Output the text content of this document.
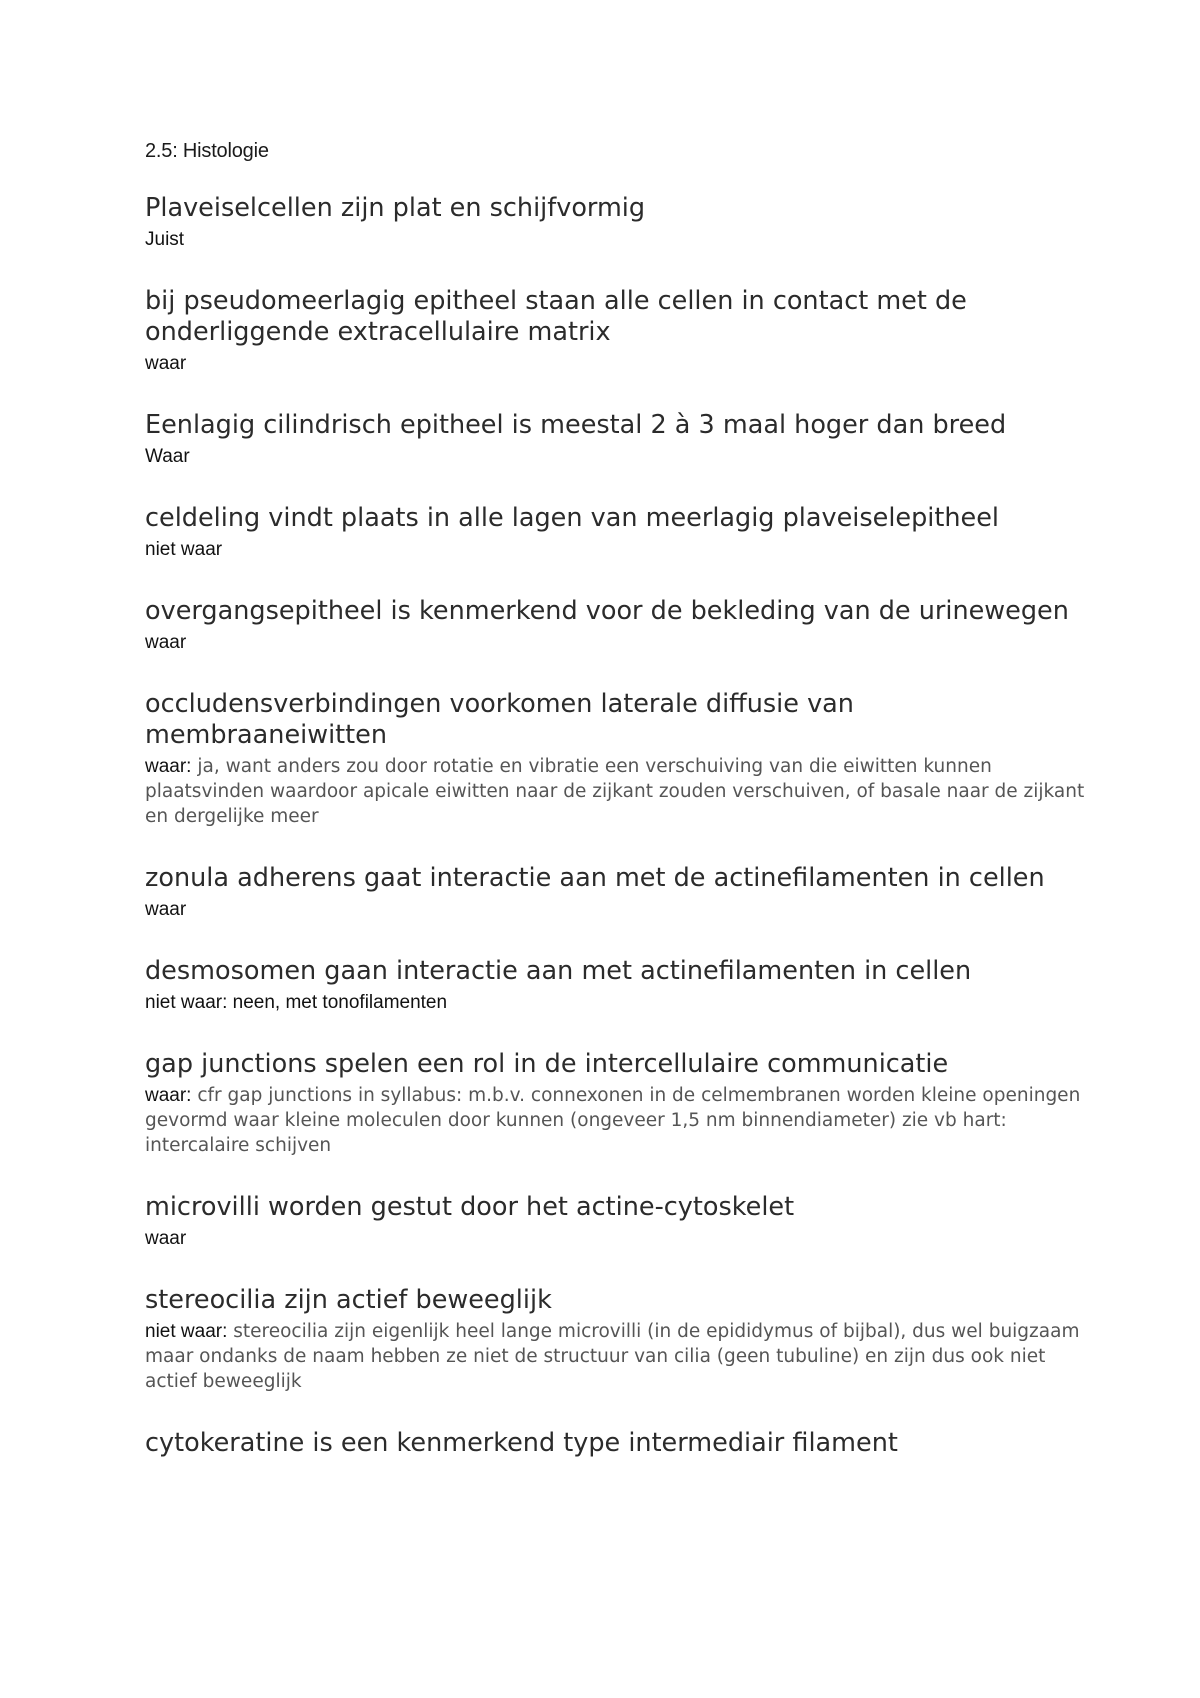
2.5: Histologie

Plaveiselcellen zijn plat en schijfvormig

Juist

bij pseudomeerlagig epitheel staan alle cellen in contact met de onderliggende extracellulaire matrix

waar

Eenlagig cilindrisch epitheel is meestal 2 à 3 maal hoger dan breed

Waar

celdeling vindt plaats in alle lagen van meerlagig plaveiselepitheel

niet waar

overgangsepitheel is kenmerkend voor de bekleding van de urinewegen

waar

occludensverbindingen voorkomen laterale diffusie van membraaneiwitten

waar: ja, want anders zou door rotatie en vibratie een verschuiving van die eiwitten kunnen plaatsvinden waardoor apicale eiwitten naar de zijkant zouden verschuiven, of basale naar de zijkant en dergelijke meer

zonula adherens gaat interactie aan met de actinefilamenten in cellen

waar

desmosomen gaan interactie aan met actinefilamenten in cellen

niet waar: neen, met tonofilamenten

gap junctions spelen een rol in de intercellulaire communicatie

waar: cfr gap junctions in syllabus: m.b.v. connexonen in de celmembranen worden kleine openingen gevormd waar kleine moleculen door kunnen (ongeveer 1,5 nm binnendiameter) zie vb hart: intercalaire schijven

microvilli worden gestut door het actine-cytoskelet

waar

stereocilia zijn actief beweeglijk

niet waar: stereocilia zijn eigenlijk heel lange microvilli (in de epididymus of bijbal), dus wel buigzaam maar ondanks de naam hebben ze niet de structuur van cilia (geen tubuline) en zijn dus ook niet actief beweeglijk

cytokeratine is een kenmerkend type intermediair filament
